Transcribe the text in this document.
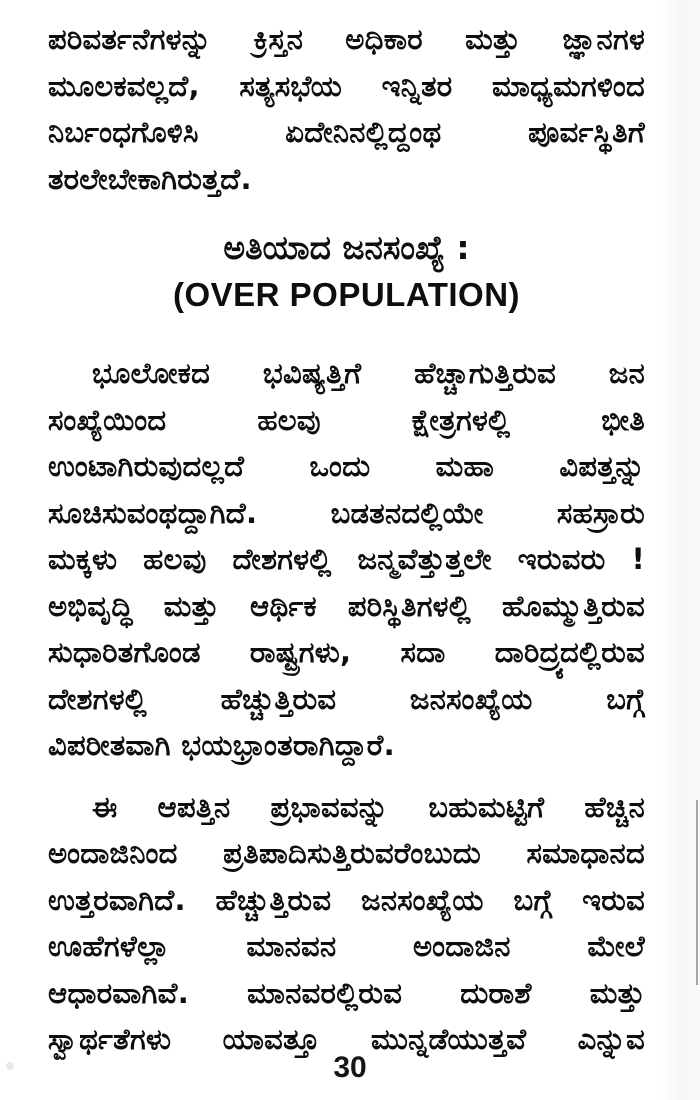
ಪರಿವರ್ತನೆಗಳನ್ನು ಕ್ರಿಸ್ತನ ಅಧಿಕಾರ ಮತ್ತು ಜ್ಞಾನಗಳ
ಮೂಲಕವಲ್ಲದೆ, ಸತ್ಯಸಭೆಯ ಇನ್ನಿತರ ಮಾಧ್ಯಮಗಳಿಂದ
ನಿರ್ಬಂಧಗೊಳಿಸಿ ಏದೇನಿನಲ್ಲಿದ್ದಂಥ ಪೂರ್ವಸ್ಥಿತಿಗೆ
ತರಲೇಬೇಕಾಗಿರುತ್ತದೆ.
ಅತಿಯಾದ ಜನಸಂಖ್ಯೆ :
(OVER POPULATION)
ಭೂಲೋಕದ ಭವಿಷ್ಯತ್ತಿಗೆ ಹೆಚ್ಚಾಗುತ್ತಿರುವ ಜನ
ಸಂಖ್ಯೆಯಿಂದ ಹಲವು ಕ್ಷೇತ್ರಗಳಲ್ಲಿ ಭೀತಿ
ಉಂಟಾಗಿರುವುದಲ್ಲದೆ ಒಂದು ಮಹಾ ವಿಪತ್ತನ್ನು
ಸೂಚಿಸುವಂಥದ್ದಾಗಿದೆ. ಬಡತನದಲ್ಲಿಯೇ ಸಹಸ್ರಾರು
ಮಕ್ಕಳು ಹಲವು ದೇಶಗಳಲ್ಲಿ ಜನ್ಮವೆತ್ತುತ್ತಲೇ ಇರುವರು !
ಅಭಿವೃದ್ಧಿ ಮತ್ತು ಆರ್ಥಿಕ ಪರಿಸ್ಥಿತಿಗಳಲ್ಲಿ ಹೊಮ್ಮುತ್ತಿರುವ
ಸುಧಾರಿತಗೊಂಡ ರಾಷ್ಟ್ರಗಳು, ಸದಾ ದಾರಿದ್ರ್ಯದಲ್ಲಿರುವ
ದೇಶಗಳಲ್ಲಿ ಹೆಚ್ಚುತ್ತಿರುವ ಜನಸಂಖ್ಯೆಯ ಬಗ್ಗೆ
ವಿಪರೀತವಾಗಿ ಭಯಭ್ರಾಂತರಾಗಿದ್ದಾರೆ.
ಈ ಆಪತ್ತಿನ ಪ್ರಭಾವವನ್ನು ಬಹುಮಟ್ಟಿಗೆ ಹೆಚ್ಚಿನ
ಅಂದಾಜಿನಿಂದ ಪ್ರತಿಪಾದಿಸುತ್ತಿರುವರೆಂಬುದು ಸಮಾಧಾನದ
ಉತ್ತರವಾಗಿದೆ. ಹೆಚ್ಚುತ್ತಿರುವ ಜನಸಂಖ್ಯೆಯ ಬಗ್ಗೆ ಇರುವ
ಊಹೆಗಳೆಲ್ಲಾ ಮಾನವನ ಅಂದಾಜಿನ ಮೇಲೆ
ಆಧಾರವಾಗಿವೆ. ಮಾನವರಲ್ಲಿರುವ ದುರಾಶೆ ಮತ್ತು
ಸ್ವಾರ್ಥತೆಗಳು ಯಾವತ್ತೂ ಮುನ್ನಡೆಯುತ್ತವೆ ಎನ್ನುವ
30
